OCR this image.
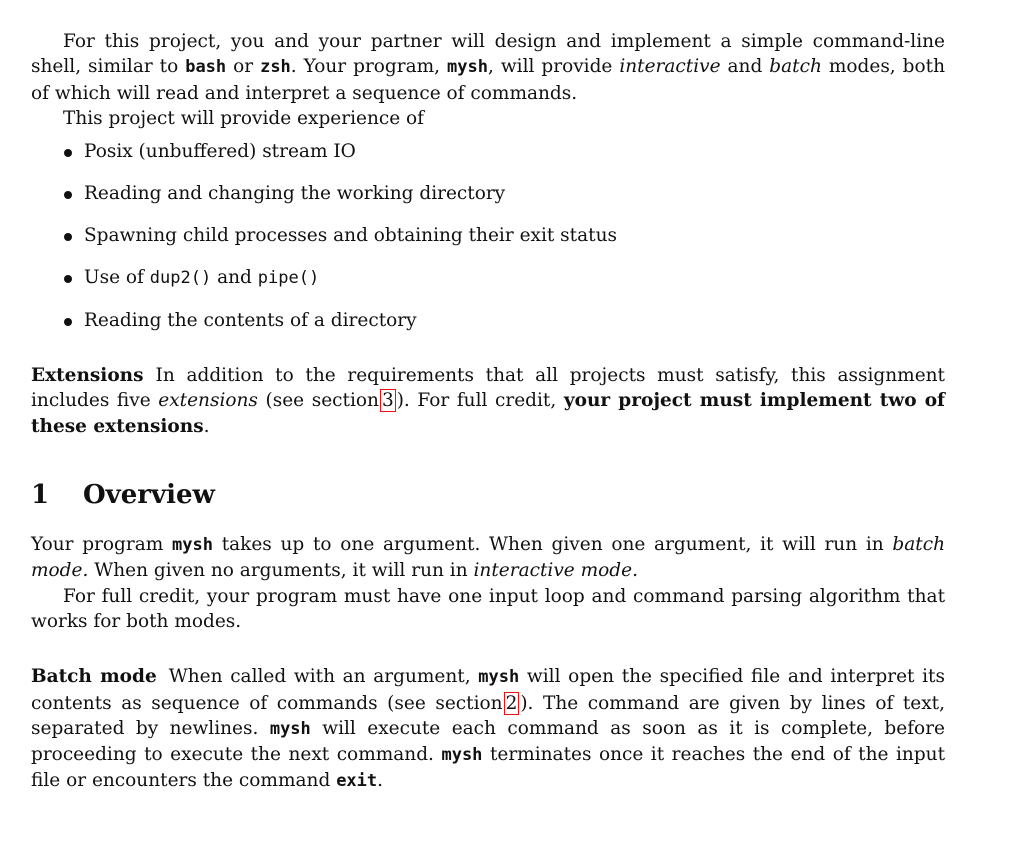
For this project, you and your partner will design and implement a simple command-line shell, similar to bash or zsh. Your program, mysh, will provide interactive and batch modes, both of which will read and interpret a sequence of commands.

This project will provide experience of

Posix (unbuffered) stream IO
Reading and changing the working directory
Spawning child processes and obtaining their exit status
Use of dup2() and pipe()
Reading the contents of a directory

Extensions In addition to the requirements that all projects must satisfy, this assignment includes five extensions (see section 3 ). For full credit, your project must implement two of these extensions.

1 Overview

Your program mysh takes up to one argument. When given one argument, it will run in batch mode. When given no arguments, it will run in interactive mode.

For full credit, your program must have one input loop and command parsing algorithm that works for both modes.

Batch mode When called with an argument, mysh will open the specified file and interpret its contents as sequence of commands (see section 2 ). The command are given by lines of text, separated by newlines. mysh will execute each command as soon as it is complete, before proceeding to execute the next command. mysh terminates once it reaches the end of the input file or encounters the command exit.
